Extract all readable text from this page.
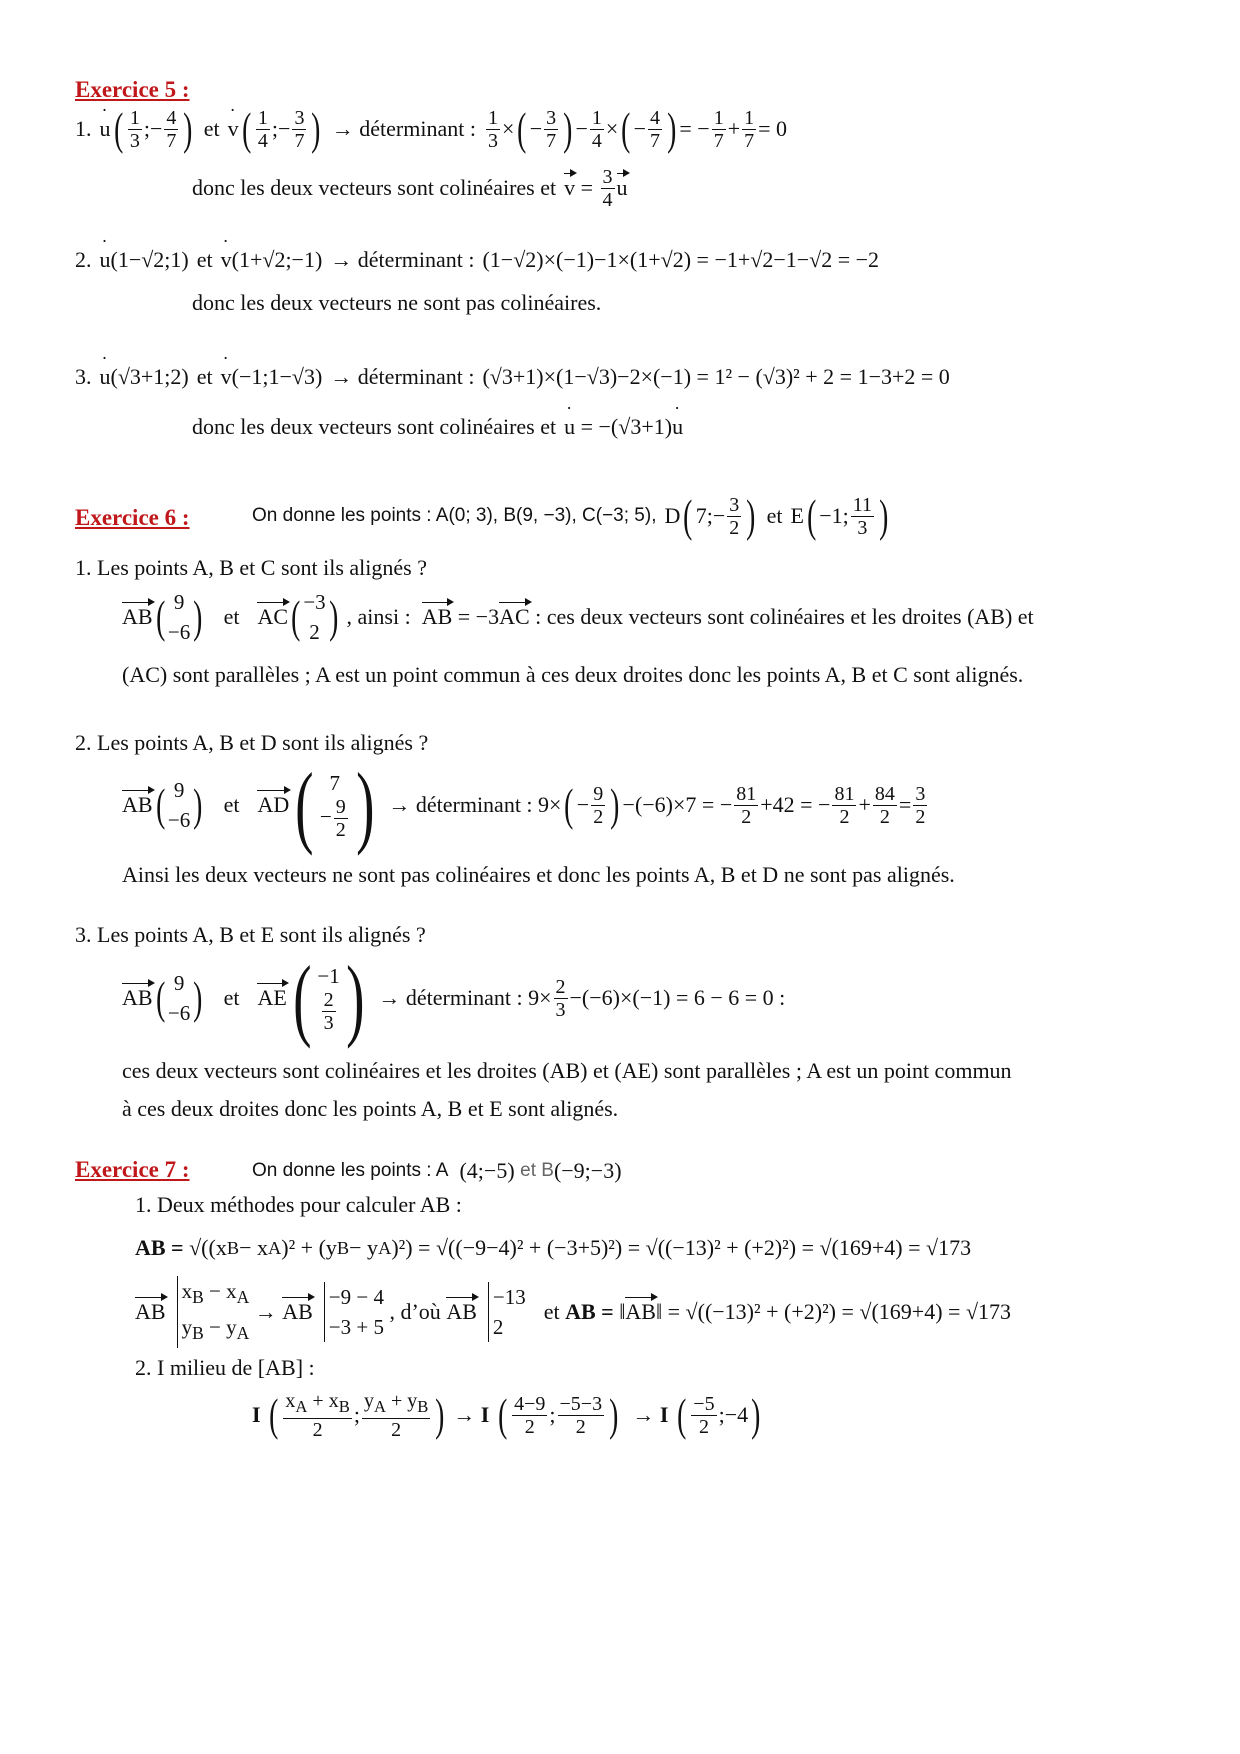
Exercice 5 :
1. · u ( $\frac{1}{3}$ ;− $\frac{4}{7}$ ) et · v ( $\frac{1}{4}$ ;− $\frac{3}{7}$ ) → déterminant : $\frac{1}{3}$ × ( − $\frac{3}{7}$ ) − $\frac{1}{4}$ × ( − $\frac{4}{7}$ ) = − $\frac{1}{7} + \frac{1}{7} = 0$
donc les deux vecteurs sont colinéaires et $v = \frac{3}{4}$ u
2. · u (1−√2;1) et · v (1+√2;−1) → déterminant : (1−√2)×(−1)−1×(1+√2) = −1+√2−1−√2 = −2
donc les deux vecteurs ne sont pas colinéaires.
3. · u (√3+1;2) et · v (−1;1−√3) → déterminant : (√3+1)×(1−√3)−2×(−1) = 1² − (√3)² + 2 = 1−3+2 = 0
donc les deux vecteurs sont colinéaires et · u = −(√3+1) · u
Exercice 6 :	On donne les points : A(0; 3), B(9, −3), C(−3; 5), D ( 7;− $\frac{3}{2}$ ) et E ( −1; $\frac{11}{3}$ )
1. Les points A, B et C sont ils alignés ?
AB ( 9
−6 ) et AC ( −3
2 ) , ainsi : AB = −3 AC : ces deux vecteurs sont colinéaires et les droites (AB) et
(AC) sont parallèles ; A est un point commun à ces deux droites donc les points A, B et C sont alignés.
2. Les points A, B et D sont ils alignés ?
AB ( 9
−6 ) et AD ( 7
− $\frac{9}{2}$ ) → déterminant : 9× ( − $\frac{9}{2}$ ) −(−6)×7 = − $\frac{81}{2} +42$ = − $\frac{81}{2} + \frac{84}{2} = \frac{3}{2}$
Ainsi les deux vecteurs ne sont pas colinéaires et donc les points A, B et D ne sont pas alignés.
3. Les points A, B et E sont ils alignés ?
AB ( 9
−6 ) et AE ( −1
$\frac{2}{3}$ ) → déterminant : $9\times \frac{2}{3} - (-6)\times(-1) = 6 - 6 = 0$ :
ces deux vecteurs sont colinéaires et les droites (AB) et (AE) sont parallèles ; A est un point commun
à ces deux droites donc les points A, B et E sont alignés.
Exercice 7 :	On donne les points : A (4;−5) et B (−9;−3)
1. Deux méthodes pour calculer AB :
AB = √((x B − x A )² + (y B − y A )²) = √((−9−4)² + (−3+5)²) = √((−13)² + (+2)²) = √(169+4) = √173
AB

$x_B - x_A$
$y_B - y_A$
→ AB

−9 − 4
−3 + 5
, d’où AB

−13
2
et AB = ‖ AB ‖ = √((−13)² + (+2)²) = √(169+4) = √173
2. I milieu de [AB] :
I
( $\frac{x_A + x_B}{2}$ ; $\frac{y_A + y_B}{2}$ ) → I
( $\frac{4-9}{2}$ ; $\frac{-5-3}{2}$ ) → I
( $\frac{-5}{2}$ ;−4 )
